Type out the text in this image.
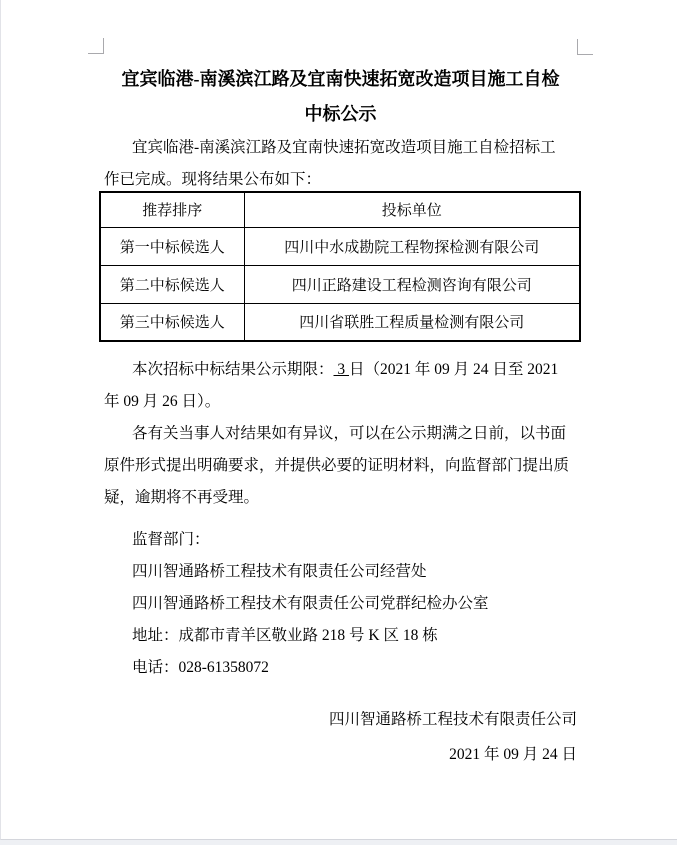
宜宾临港-南溪滨江路及宜南快速拓宽改造项目施工自检
中标公示
宜宾临港-南溪滨江路及宜南快速拓宽改造项目施工自检招标工
作已完成。现将结果公布如下：
推荐排序	投标单位
第一中标候选人	四川中水成勘院工程物探检测有限公司
第二中标候选人	四川正路建设工程检测咨询有限公司
第三中标候选人	四川省联胜工程质量检测有限公司
本次招标中标结果公示期限： 3 日（2021 年 09 月 24 日至 2021
年 09 月 26 日）。
各有关当事人对结果如有异议，可以在公示期满之日前，以书面
原件形式提出明确要求，并提供必要的证明材料，向监督部门提出质
疑，逾期将不再受理。
监督部门：
四川智通路桥工程技术有限责任公司经营处
四川智通路桥工程技术有限责任公司党群纪检办公室
地址：成都市青羊区敬业路 218 号 K 区 18 栋
电话：028-61358072
四川智通路桥工程技术有限责任公司
2021 年 09 月 24 日
